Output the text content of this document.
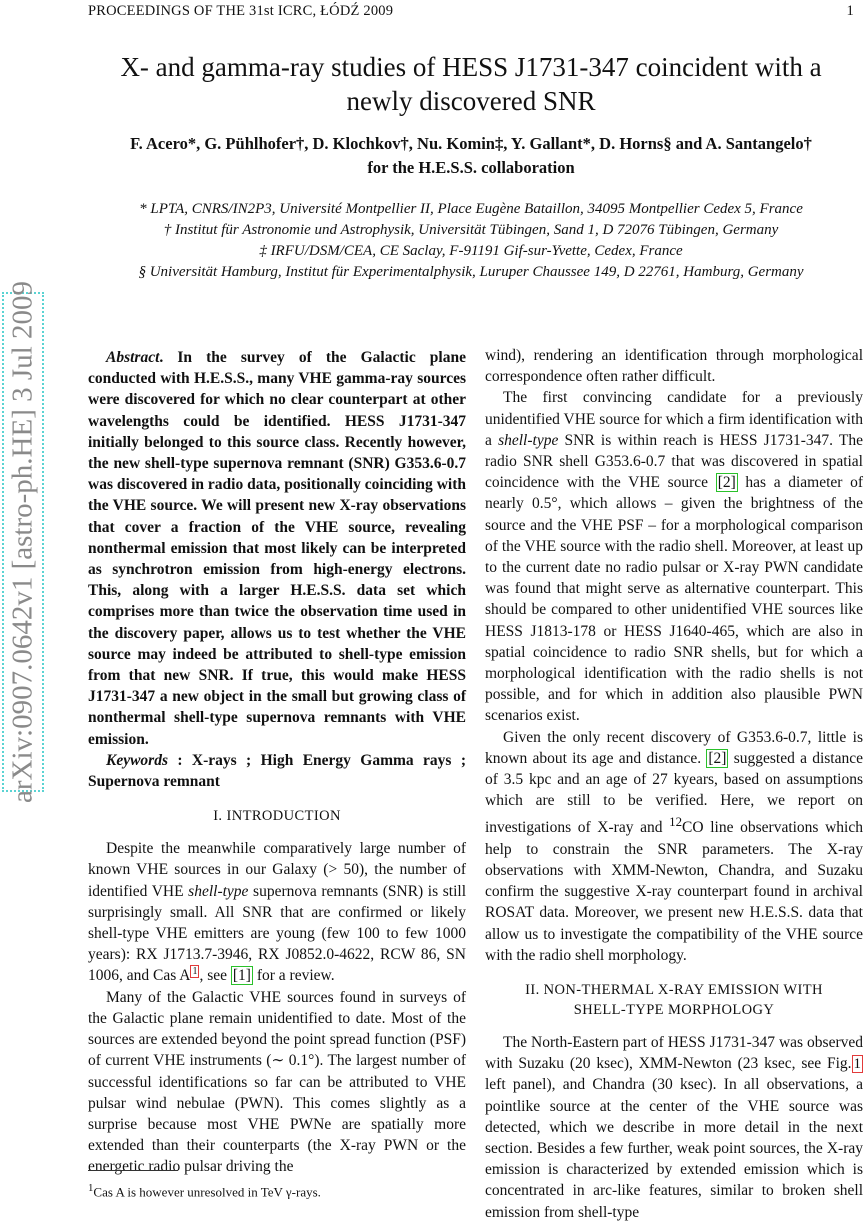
PROCEEDINGS OF THE 31st ICRC, ŁÓDŹ 2009	1
X- and gamma-ray studies of HESS J1731-347 coincident with a
newly discovered SNR
F. Acero*, G. Pühlhofer†, D. Klochkov†, Nu. Komin‡, Y. Gallant*, D. Horns§ and A. Santangelo†
for the H.E.S.S. collaboration
* LPTA, CNRS/IN2P3, Université Montpellier II, Place Eugène Bataillon, 34095 Montpellier Cedex 5, France
† Institut für Astronomie und Astrophysik, Universität Tübingen, Sand 1, D 72076 Tübingen, Germany
‡ IRFU/DSM/CEA, CE Saclay, F-91191 Gif-sur-Yvette, Cedex, France
§ Universität Hamburg, Institut für Experimentalphysik, Luruper Chaussee 149, D 22761, Hamburg, Germany
arXiv:0907.0642v1 [astro-ph.HE] 3 Jul 2009	Abstract. In the survey of the Galactic plane conducted with H.E.S.S., many VHE gamma-ray sources were discovered for which no clear counterpart at other wavelengths could be identified. HESS J1731-347 initially belonged to this source class. Recently however, the new shell-type supernova remnant (SNR) G353.6-0.7 was discovered in radio data, positionally coinciding with the VHE source. We will present new X-ray observations that cover a fraction of the VHE source, revealing nonthermal emission that most likely can be interpreted as synchrotron emission from high-energy electrons. This, along with a larger H.E.S.S. data set which comprises more than twice the observation time used in the discovery paper, allows us to test whether the VHE source may indeed be attributed to shell-type emission from that new SNR. If true, this would make HESS J1731-347 a new object in the small but growing class of nonthermal shell-type supernova remnants with VHE emission.

Keywords : X-rays ; High Energy Gamma rays ; Supernova remnant

I. INTRODUCTION

Despite the meanwhile comparatively large number of known VHE sources in our Galaxy (> 50), the number of identified VHE shell-type supernova remnants (SNR) is still surprisingly small. All SNR that are confirmed or likely shell-type VHE emitters are young (few 100 to few 1000 years): RX J1713.7-3946, RX J0852.0-4622, RCW 86, SN 1006, and Cas A $^1$ , see [1] for a review.

Many of the Galactic VHE sources found in surveys of the Galactic plane remain unidentified to date. Most of the sources are extended beyond the point spread function (PSF) of current VHE instruments (∼ 0.1°). The largest number of successful identifications so far can be attributed to VHE pulsar wind nebulae (PWN). This comes slightly as a surprise because most VHE PWNe are spatially more extended than their counterparts (the X-ray PWN or the energetic radio pulsar driving the

$^1$Cas A is however unresolved in TeV γ-rays.

wind), rendering an identification through morphological correspondence often rather difficult.

The first convincing candidate for a previously unidentified VHE source for which a firm identification with a shell-type SNR is within reach is HESS J1731-347. The radio SNR shell G353.6-0.7 that was discovered in spatial coincidence with the VHE source [2] has a diameter of nearly 0.5°, which allows – given the brightness of the source and the VHE PSF – for a morphological comparison of the VHE source with the radio shell. Moreover, at least up to the current date no radio pulsar or X-ray PWN candidate was found that might serve as alternative counterpart. This should be compared to other unidentified VHE sources like HESS J1813-178 or HESS J1640-465, which are also in spatial coincidence to radio SNR shells, but for which a morphological identification with the radio shells is not possible, and for which in addition also plausible PWN scenarios exist.

Given the only recent discovery of G353.6-0.7, little is known about its age and distance. [2] suggested a distance of 3.5 kpc and an age of 27 kyears, based on assumptions which are still to be verified. Here, we report on investigations of X-ray and $^{12}$CO line observations which help to constrain the SNR parameters. The X-ray observations with XMM-Newton, Chandra, and Suzaku confirm the suggestive X-ray counterpart found in archival ROSAT data. Moreover, we present new H.E.S.S. data that allow us to investigate the compatibility of the VHE source with the radio shell morphology.

II. NON-THERMAL X-RAY EMISSION WITH
SHELL-TYPE MORPHOLOGY

The North-Eastern part of HESS J1731-347 was observed with Suzaku (20 ksec), XMM-Newton (23 ksec, see Fig. 1 left panel), and Chandra (30 ksec). In all observations, a pointlike source at the center of the VHE source was detected, which we describe in more detail in the next section. Besides a few further, weak point sources, the X-ray emission is characterized by extended emission which is concentrated in arc-like features, similar to broken shell emission from shell-type
